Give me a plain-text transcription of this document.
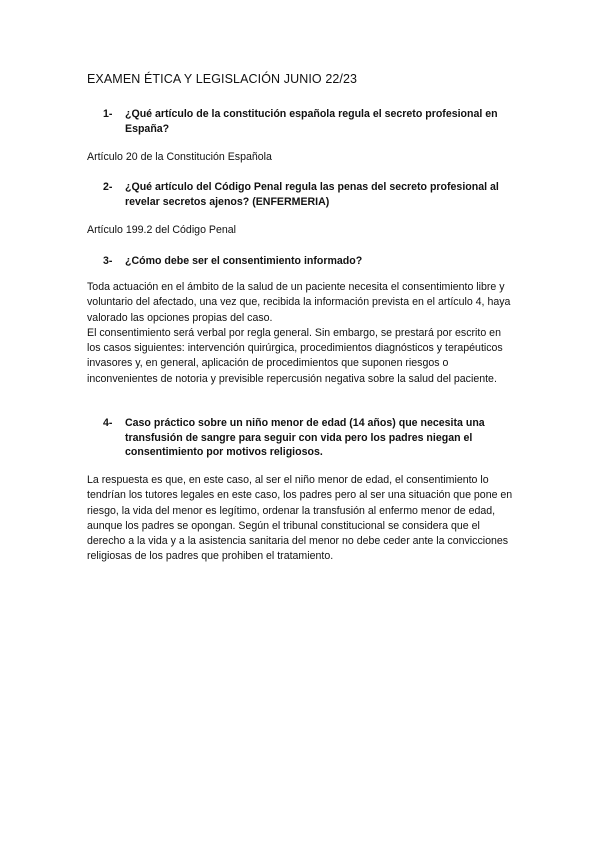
EXAMEN ÉTICA Y LEGISLACIÓN JUNIO 22/23
1- ¿Qué artículo de la constitución española regula el secreto profesional en España?

Artículo 20 de la Constitución Española

2- ¿Qué artículo del Código Penal regula las penas del secreto profesional al revelar secretos ajenos? (ENFERMERIA)

Artículo 199.2 del Código Penal

3- ¿Cómo debe ser el consentimiento informado?

Toda actuación en el ámbito de la salud de un paciente necesita el consentimiento libre y voluntario del afectado, una vez que, recibida la información prevista en el artículo 4, haya valorado las opciones propias del caso.

El consentimiento será verbal por regla general. Sin embargo, se prestará por escrito en los casos siguientes: intervención quirúrgica, procedimientos diagnósticos y terapéuticos invasores y, en general, aplicación de procedimientos que suponen riesgos o inconvenientes de notoria y previsible repercusión negativa sobre la salud del paciente.

4- Caso práctico sobre un niño menor de edad (14 años) que necesita una transfusión de sangre para seguir con vida pero los padres niegan el consentimiento por motivos religiosos.

La respuesta es que, en este caso, al ser el niño menor de edad, el consentimiento lo tendrían los tutores legales en este caso, los padres pero al ser una situación que pone en riesgo, la vida del menor es legítimo, ordenar la transfusión al enfermo menor de edad, aunque los padres se opongan. Según el tribunal constitucional se considera que el derecho a la vida y a la asistencia sanitaria del menor no debe ceder ante la convicciones religiosas de los padres que prohiben el tratamiento.
